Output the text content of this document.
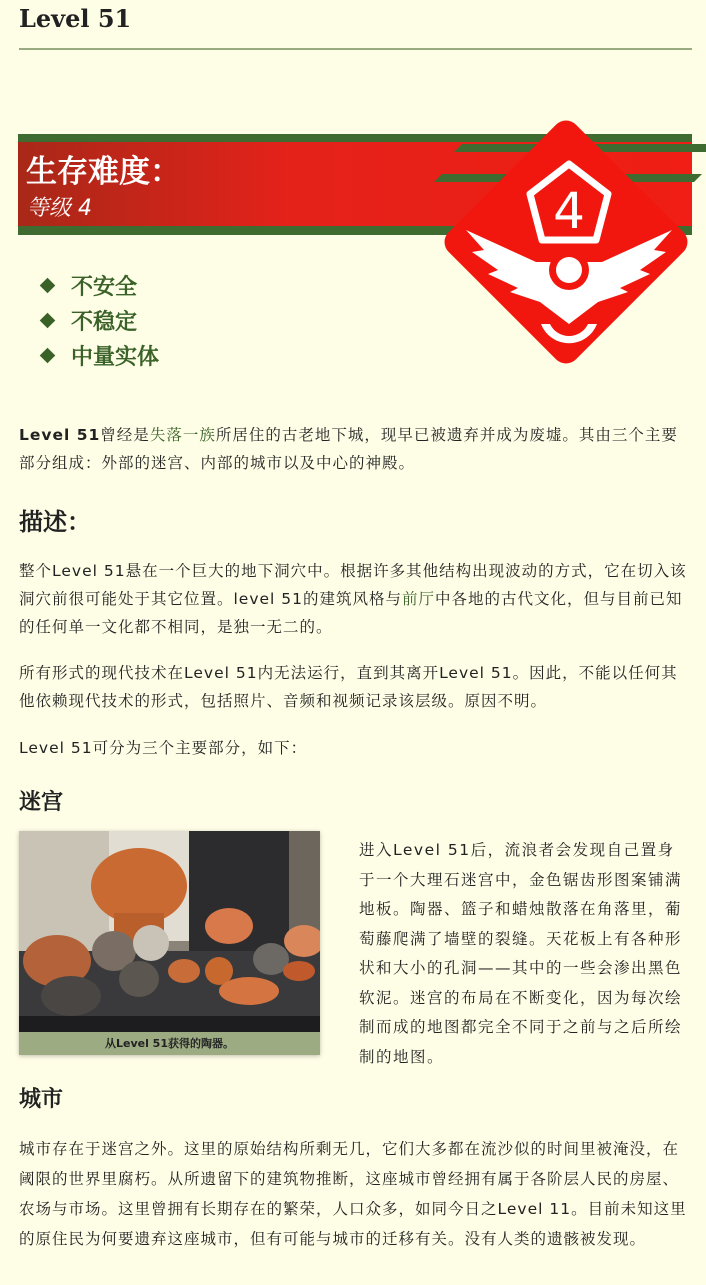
Level 51
生存难度：

等级 4	4
不安全
不稳定
中量实体

Level 51曾经是失落一族所居住的古老地下城，现早已被遗弃并成为废墟。其由三个主要部分组成：外部的迷宫、内部的城市以及中心的神殿。

描述：

整个Level 51悬在一个巨大的地下洞穴中。根据许多其他结构出现波动的方式，它在切入该洞穴前很可能处于其它位置。level 51的建筑风格与前厅中各地的古代文化，但与目前已知的任何单一文化都不相同，是独一无二的。

所有形式的现代技术在Level 51内无法运行，直到其离开Level 51。因此，不能以任何其他依赖现代技术的形式，包括照片、音频和视频记录该层级。原因不明。

Level 51可分为三个主要部分，如下：

迷宫
从Level 51获得的陶器。

进入Level 51后，流浪者会发现自己置身于一个大理石迷宫中，金色锯齿形图案铺满地板。陶器、篮子和蜡烛散落在角落里，葡萄藤爬满了墙壁的裂缝。天花板上有各种形状和大小的孔洞——其中的一些会渗出黑色软泥。迷宫的布局在不断变化，因为每次绘制而成的地图都完全不同于之前与之后所绘制的地图。

城市

城市存在于迷宫之外。这里的原始结构所剩无几，它们大多都在流沙似的时间里被淹没，在阈限的世界里腐朽。从所遗留下的建筑物推断，这座城市曾经拥有属于各阶层人民的房屋、农场与市场。这里曾拥有长期存在的繁荣，人口众多，如同今日之Level 11。目前未知这里的原住民为何要遗弃这座城市，但有可能与城市的迁移有关。没有人类的遗骸被发现。
